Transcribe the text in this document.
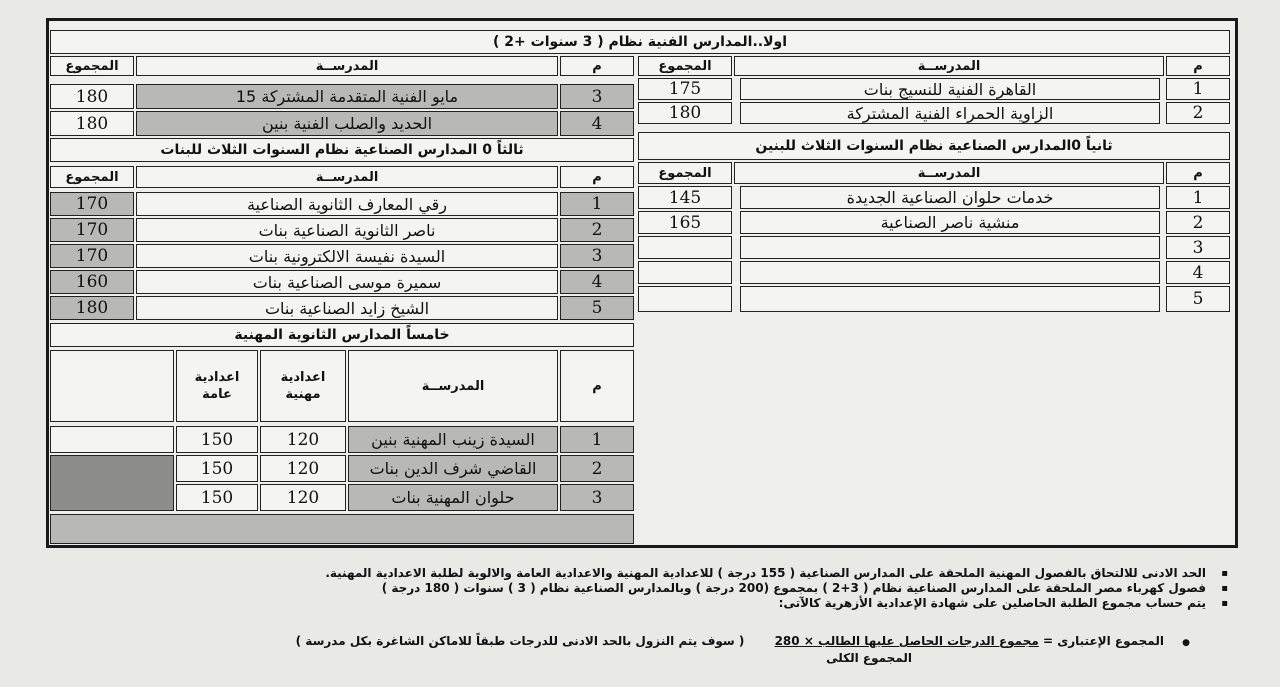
اولا..المدارس الفنية نظام ( 3 سنوات +2 )
م
المدرســة
المجموع
1
القاهرة الفنية للنسيج بنات
175
2
الزاوية الحمراء الفنية المشتركة
180
م
المدرســة
المجموع
3
15 مايو الفنية المتقدمة المشتركة
180
4
الحديد والصلب الفنية بنين
180
ثانياً 0المدارس الصناعية نظام السنوات الثلاث للبنين
م
المدرســة
المجموع
1
خدمات حلوان الصناعية الجديدة
145
2
منشية ناصر الصناعية
165
3
4
5
ثالثاً 0 المدارس الصناعية نظام السنوات الثلاث للبنات
م
المدرســة
المجموع
1
رقي المعارف الثانوية الصناعية
170
2
ناصر الثانوية الصناعية بنات
170
3
السيدة نفيسة الالكترونية بنات
170
4
سميرة موسى الصناعية بنات
160
5
الشيخ زايد الصناعية بنات
180
خامساً المدارس الثانوية المهنية
م
المدرســة
اعدادية مهنية
اعدادية عامة
1
السيدة زينب المهنية بنين
120
150
2
القاضي شرف الدين بنات
120
150
3
حلوان المهنية بنات
120
150
▪ الحد الادنى للالتحاق بالفصول المهنية الملحقة على المدارس الصناعية ( 155 درجة ) للاعدادية المهنية والاعدادية العامة والالوية لطلبة الاعدادية المهنية.
▪ فصول كهرباء مصر الملحقة على المدارس الصناعية نظام ( 3+2 ) بمجموع (200 درجة ) وبالمدارس الصناعية نظام ( 3 ) سنوات ( 180 درجة )
▪ يتم حساب مجموع الطلبة الحاصلين على شهادة الإعدادية الأزهرية كالآتى:
● المجموع الإعتبارى = مجموع الدرجات الحاصل عليها الطالب × 280 ( سوف يتم النزول بالحد الادنى للدرجات طبقاً للاماكن الشاغرة بكل مدرسة )
المجموع الكلى
